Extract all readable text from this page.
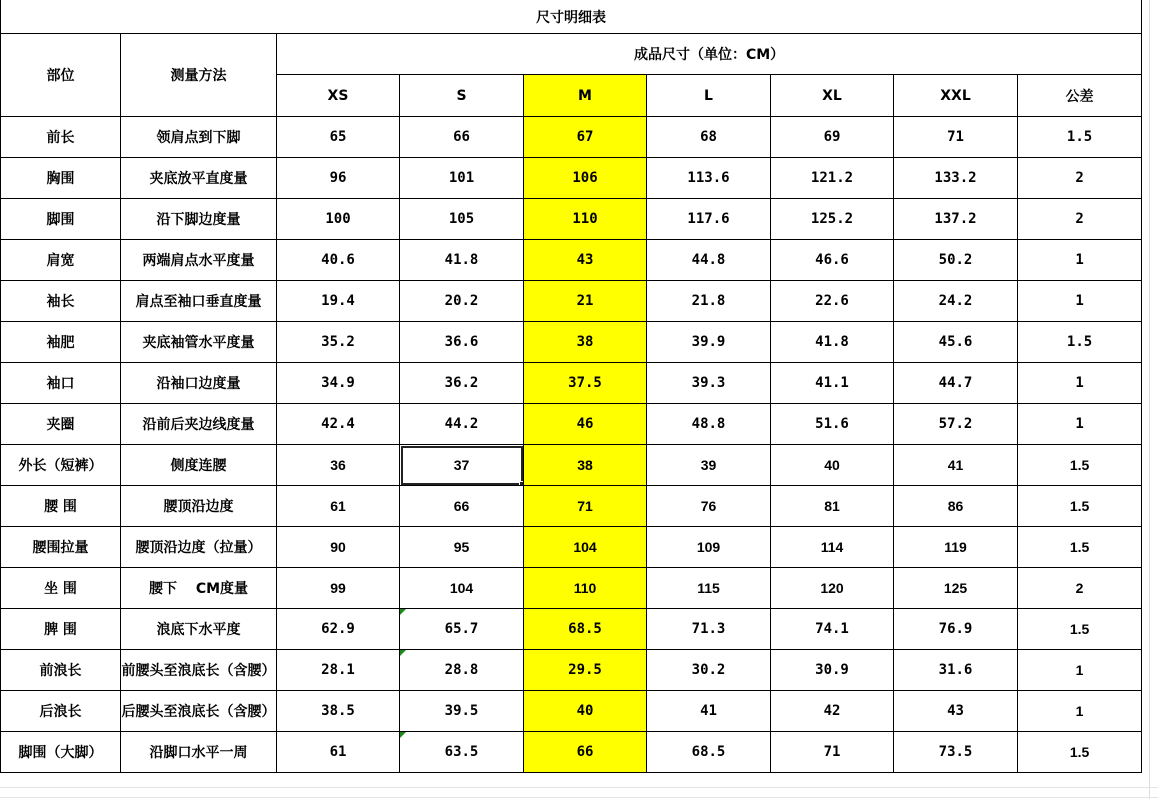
尺寸明细表								
部位	测量方法	成品尺寸（单位：CM）						
		XS	S	M	L	XL	XXL	公差
前长	领肩点到下脚	65	66	67	68	69	71	1.5
胸围	夹底放平直度量	96	101	106	113.6	121.2	133.2	2
脚围	沿下脚边度量	100	105	110	117.6	125.2	137.2	2
肩宽	两端肩点水平度量	40.6	41.8	43	44.8	46.6	50.2	1
袖长	肩点至袖口垂直度量	19.4	20.2	21	21.8	22.6	24.2	1
袖肥	夹底袖管水平度量	35.2	36.6	38	39.9	41.8	45.6	1.5
袖口	沿袖口边度量	34.9	36.2	37.5	39.3	41.1	44.7	1
夹圈	沿前后夹边线度量	42.4	44.2	46	48.8	51.6	57.2	1
外长（短裤）	侧度连腰	36	37	38	39	40	41	1.5
腰 围	腰顶沿边度	61	66	71	76	81	86	1.5
腰围拉量	腰顶沿边度（拉量）	90	95	104	109	114	119	1.5
坐 围	腰下　 CM度量	99	104	110	115	120	125	2
脾 围	浪底下水平度	62.9	65.7	68.5	71.3	74.1	76.9	1.5
前浪长	前腰头至浪底长（含腰）	28.1	28.8	29.5	30.2	30.9	31.6	1
后浪长	后腰头至浪底长（含腰）	38.5	39.5	40	41	42	43	1
脚围（大脚）	沿脚口水平一周	61	63.5	66	68.5	71	73.5	1.5
